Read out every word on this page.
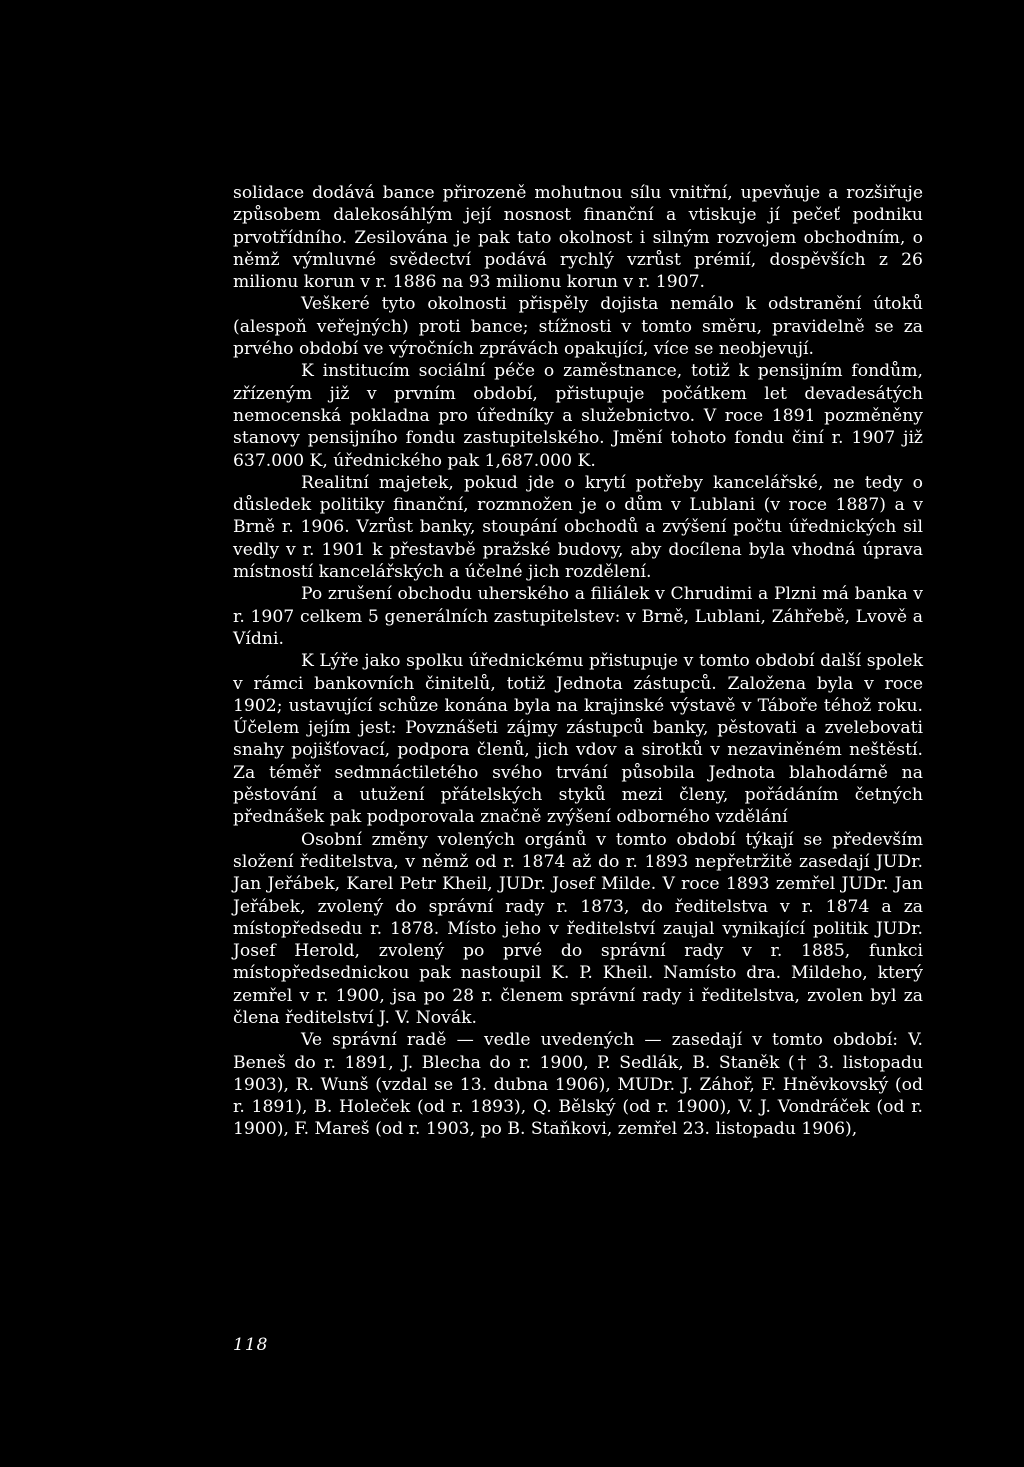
solidace dodává bance přirozeně mohutnou sílu vnitřní, upevňuje a rozšiřuje způsobem dalekosáhlým její nosnost finanční a vtiskuje jí pečeť podniku prvotřídního. Zesilována je pak tato okolnost i silným rozvojem obchodním, o němž výmluvné svědectví podává rychlý vzrůst prémií, dospěvších z 26 milionu korun v r. 1886 na 93 milionu korun v r. 1907.

Veškeré tyto okolnosti přispěly dojista nemálo k odstranění útoků (alespoň veřejných) proti bance; stížnosti v tomto směru, pravidelně se za prvého období ve výročních zprávách opakující, více se neobjevují.

K institucím sociální péče o zaměstnance, totiž k pensijním fondům, zřízeným již v prvním období, přistupuje počátkem let devadesátých nemocenská pokladna pro úředníky a služebnictvo. V roce 1891 pozměněny stanovy pensijního fondu zastupitelského. Jmění tohoto fondu činí r. 1907 již 637.000 K, úřednického pak 1,687.000 K.

Realitní majetek, pokud jde o krytí potřeby kancelářské, ne tedy o důsledek politiky finanční, rozmnožen je o dům v Lublani (v roce 1887) a v Brně r. 1906. Vzrůst banky, stoupání obchodů a zvýšení počtu úřednických sil vedly v r. 1901 k přestavbě pražské budovy, aby docílena byla vhodná úprava místností kancelářských a účelné jich rozdělení.

Po zrušení obchodu uherského a filiálek v Chrudimi a Plzni má banka v r. 1907 celkem 5 generálních zastupitelstev: v Brně, Lublani, Záhřebě, Lvově a Vídni.

K Lýře jako spolku úřednickému přistupuje v tomto období další spolek v rámci bankovních činitelů, totiž Jednota zástupců. Založena byla v roce 1902; ustavující schůze konána byla na krajinské výstavě v Táboře téhož roku. Účelem jejím jest: Povznášeti zájmy zástupců banky, pěstovati a zvelebovati snahy pojišťovací, podpora členů, jich vdov a sirotků v nezaviněném neštěstí. Za téměř sedmnáctiletého svého trvání působila Jednota blahodárně na pěstování a utužení přátelských styků mezi členy, pořádáním četných přednášek pak podporovala značně zvýšení odborného vzdělání

Osobní změny volených orgánů v tomto období týkají se především složení ředitelstva, v němž od r. 1874 až do r. 1893 nepřetržitě zasedají JUDr. Jan Jeřábek, Karel Petr Kheil, JUDr. Josef Milde. V roce 1893 zemřel JUDr. Jan Jeřábek, zvolený do správní rady r. 1873, do ředitelstva v r. 1874 a za místopředsedu r. 1878. Místo jeho v ředitelství zaujal vynikající politik JUDr. Josef Herold, zvolený po prvé do správní rady v r. 1885, funkci místopředsednickou pak nastoupil K. P. Kheil. Namísto dra. Mildeho, který zemřel v r. 1900, jsa po 28 r. členem správní rady i ředitelstva, zvolen byl za člena ředitelství J. V. Novák.

Ve správní radě — vedle uvedených — zasedají v tomto období: V. Beneš do r. 1891, J. Blecha do r. 1900, P. Sedlák, B. Staněk († 3. listopadu 1903), R. Wunš (vzdal se 13. dubna 1906), MUDr. J. Záhoř, F. Hněvkovský (od r. 1891), B. Holeček (od r. 1893), Q. Bělský (od r. 1900), V. J. Vondráček (od r. 1900), F. Mareš (od r. 1903, po B. Staňkovi, zemřel 23. listopadu 1906),

118
